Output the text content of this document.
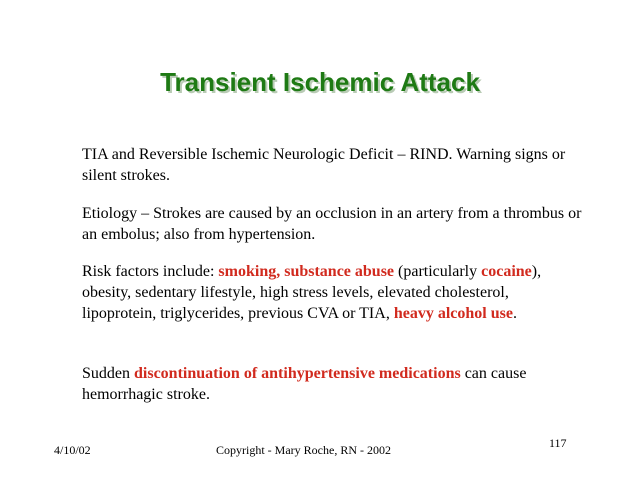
Transient Ischemic Attack

TIA and Reversible Ischemic Neurologic Deficit – RIND. Warning signs or silent strokes.

Etiology – Strokes are caused by an occlusion in an artery from a thrombus or an embolus; also from hypertension.

Risk factors include: smoking, substance abuse (particularly cocaine), obesity, sedentary lifestyle, high stress levels, elevated cholesterol, lipoprotein, triglycerides, previous CVA or TIA, heavy alcohol use.

Sudden discontinuation of antihypertensive medications can cause hemorrhagic stroke.

4/10/02	Copyright - Mary Roche, RN - 2002	117
